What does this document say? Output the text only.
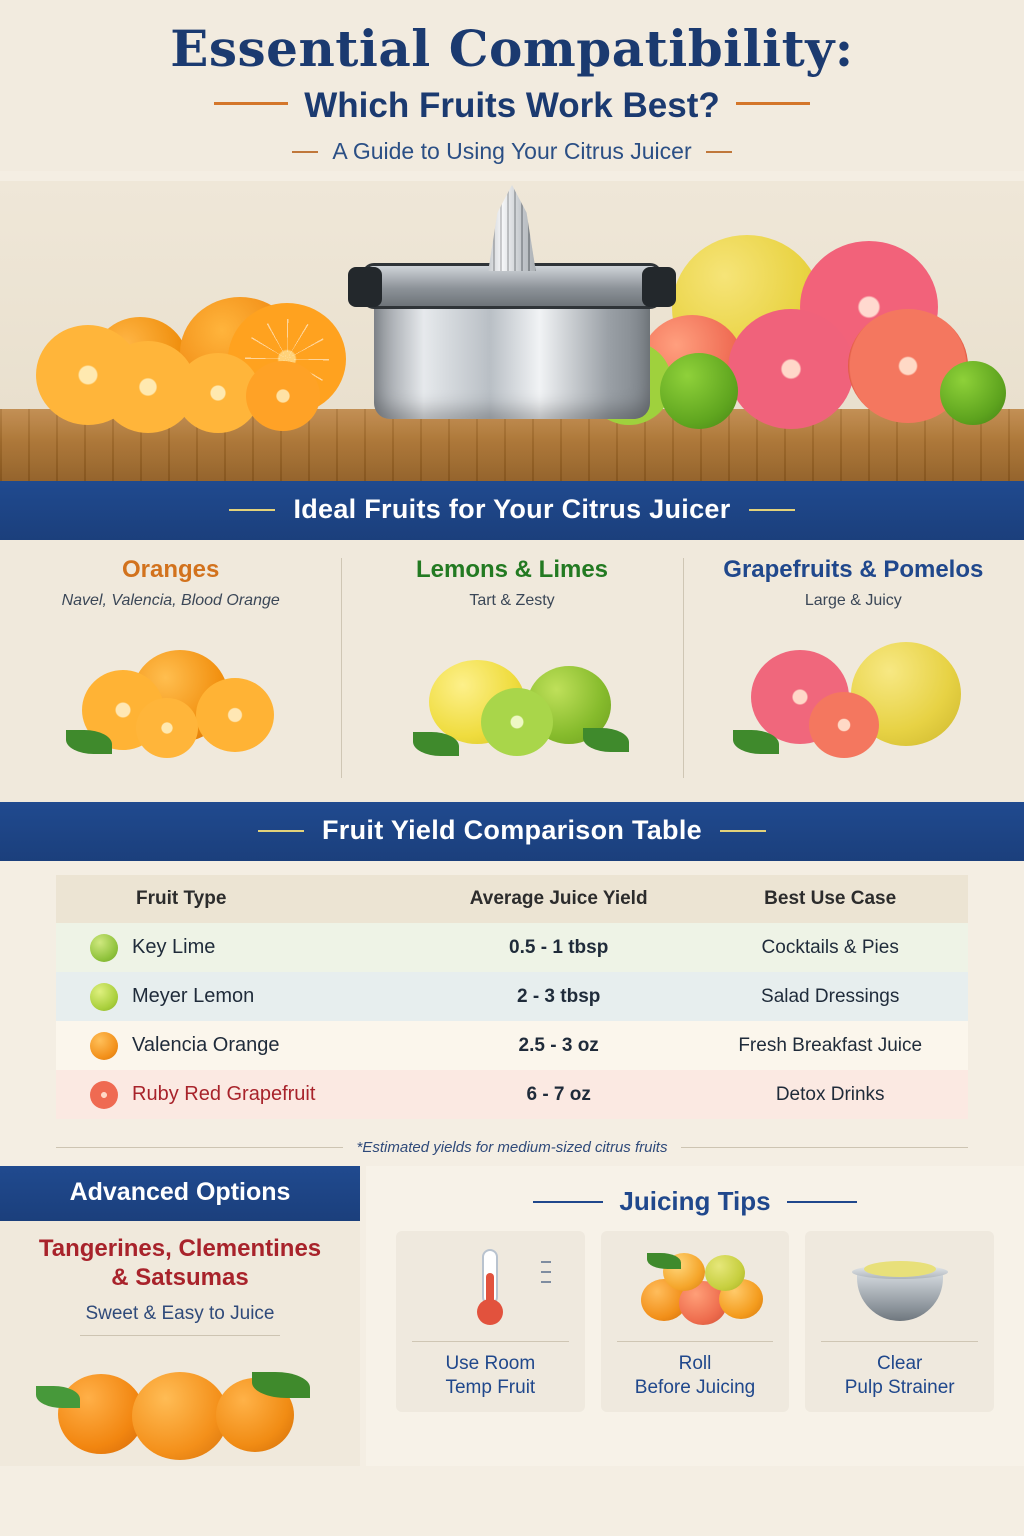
Essential Compatibility:
Which Fruits Work Best?
A Guide to Using Your Citrus Juicer
Ideal Fruits for Your Citrus Juicer
Oranges
Navel, Valencia, Blood Orange
Lemons & Limes
Tart & Zesty
Grapefruits & Pomelos
Large & Juicy
Fruit Yield Comparison Table
Fruit Type	Average Juice Yield	Best Use Case

Key Lime	0.5 - 1 tbsp	Cocktails & Pies

Meyer Lemon	2 - 3 tbsp	Salad Dressings

Valencia Orange	2.5 - 3 oz	Fresh Breakfast Juice

Ruby Red Grapefruit	6 - 7 oz	Detox Drinks
*Estimated yields for medium-sized citrus fruits
Advanced Options
Tangerines, Clementines
& Satsumas
Sweet & Easy to Juice
Juicing Tips
Use Room
Temp Fruit
Roll
Before Juicing
Clear
Pulp Strainer
